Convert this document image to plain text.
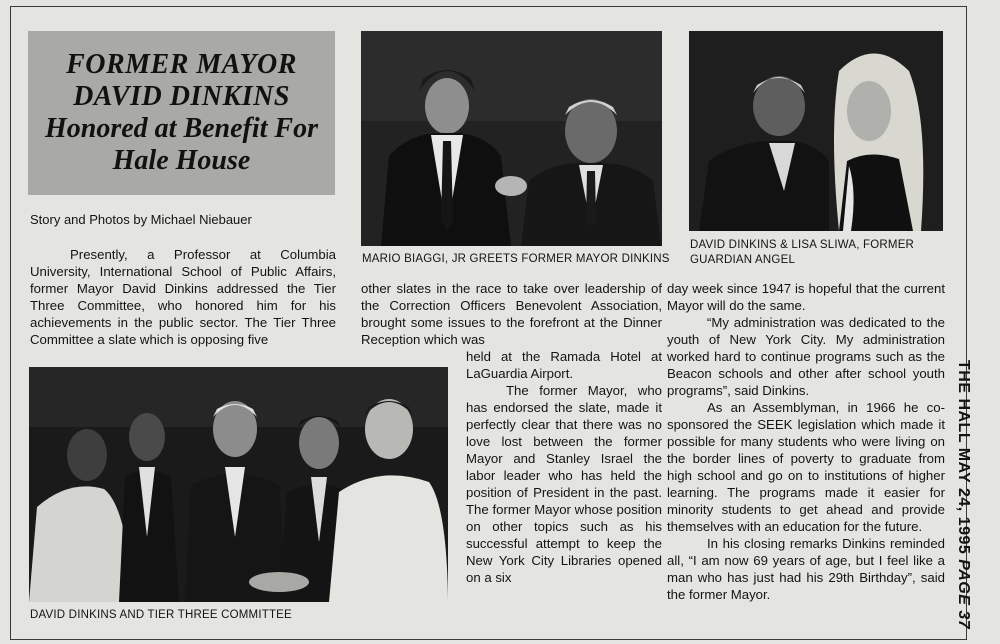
FORMER MAYOR
DAVID DINKINS
Honored at Benefit For
Hale House
Story and Photos by Michael Niebauer

Presently, a Professor at Columbia University, International School of Public Affairs, former Mayor David Dinkins addressed the Tier Three Committee, who honored him for his achievements in the public sector. The Tier Three Committee a slate which is opposing five

MARIO BIAGGI, JR GREETS FORMER MAYOR DINKINS
DAVID DINKINS & LISA SLIWA, FORMER
GUARDIAN ANGEL
DAVID DINKINS AND TIER THREE COMMITTEE

other slates in the race to take over leadership of the Correction Officers Benevolent Association, brought some issues to the forefront at the Dinner Reception which was

held at the Ramada Hotel at LaGuardia Airport.

The former Mayor, who has endorsed the slate, made it perfectly clear that there was no love lost between the former Mayor and Stanley Israel the labor leader who has held the position of President in the past. The former Mayor whose position on other topics such as his successful attempt to keep the New York City Libraries opened on a six

day week since 1947 is hopeful that the current Mayor will do the same.

“My administration was dedicated to the youth of New York City. My administration worked hard to continue programs such as the Beacon schools and other after school youth programs”, said Dinkins.

As an Assemblyman, in 1966 he co-sponsored the SEEK legislation which made it possible for many students who were living on the border lines of poverty to graduate from high school and go on to institutions of higher learning. The programs made it easier for minority students to get ahead and provide themselves with an education for the future.

In his closing remarks Dinkins reminded all, “I am now 69 years of age, but I feel like a man who has just had his 29th Birthday”, said the former Mayor.

THE HALL MAY 24, 1995 PAGE 37
